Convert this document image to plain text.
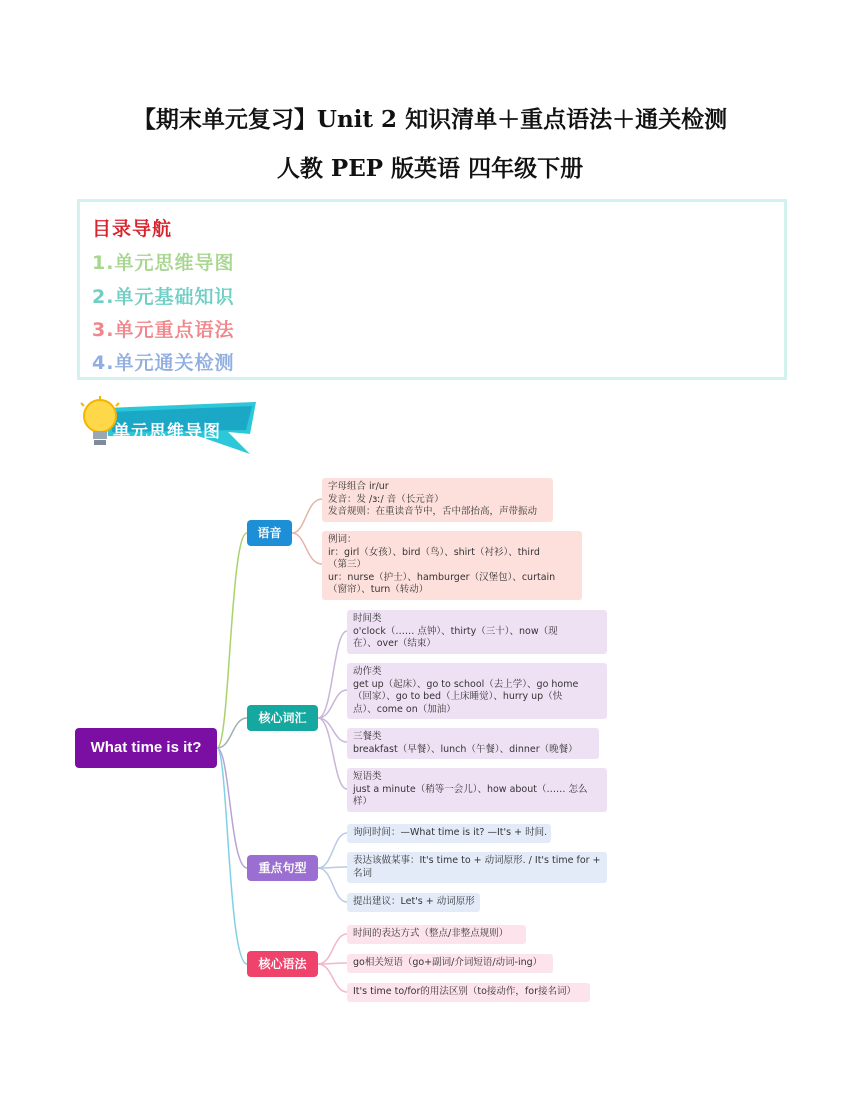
【期末单元复习】Unit 2 知识清单＋重点语法＋通关检测
人教 PEP 版英语 四年级下册
目录导航
1.单元思维导图
2.单元基础知识
3.单元重点语法
4.单元通关检测
单元思维导图
What time is it?
语音
核心词汇
重点句型
核心语法
字母组合 ir/ur
发音：发 /ɜː/ 音（长元音）
发音规则：在重读音节中，舌中部抬高，声带振动
例词：
ir：girl（女孩）、bird（鸟）、shirt（衬衫）、third
（第三）
ur：nurse（护士）、hamburger（汉堡包）、curtain
（窗帘）、turn（转动）
时间类
o'clock（…… 点钟）、thirty（三十）、now（现
在）、over（结束）
动作类
get up（起床）、go to school（去上学）、go home
（回家）、go to bed（上床睡觉）、hurry up（快
点）、come on（加油）
三餐类
breakfast（早餐）、lunch（午餐）、dinner（晚餐）
短语类
just a minute（稍等一会儿）、how about（…… 怎么
样）
询问时间：—What time is it? —It's + 时间.
表达该做某事：It's time to + 动词原形. / It's time for +
名词
提出建议：Let's + 动词原形
时间的表达方式（整点/非整点规则）
go相关短语（go+副词/介词短语/动词-ing）
It's time to/for的用法区别（to接动作，for接名词）
